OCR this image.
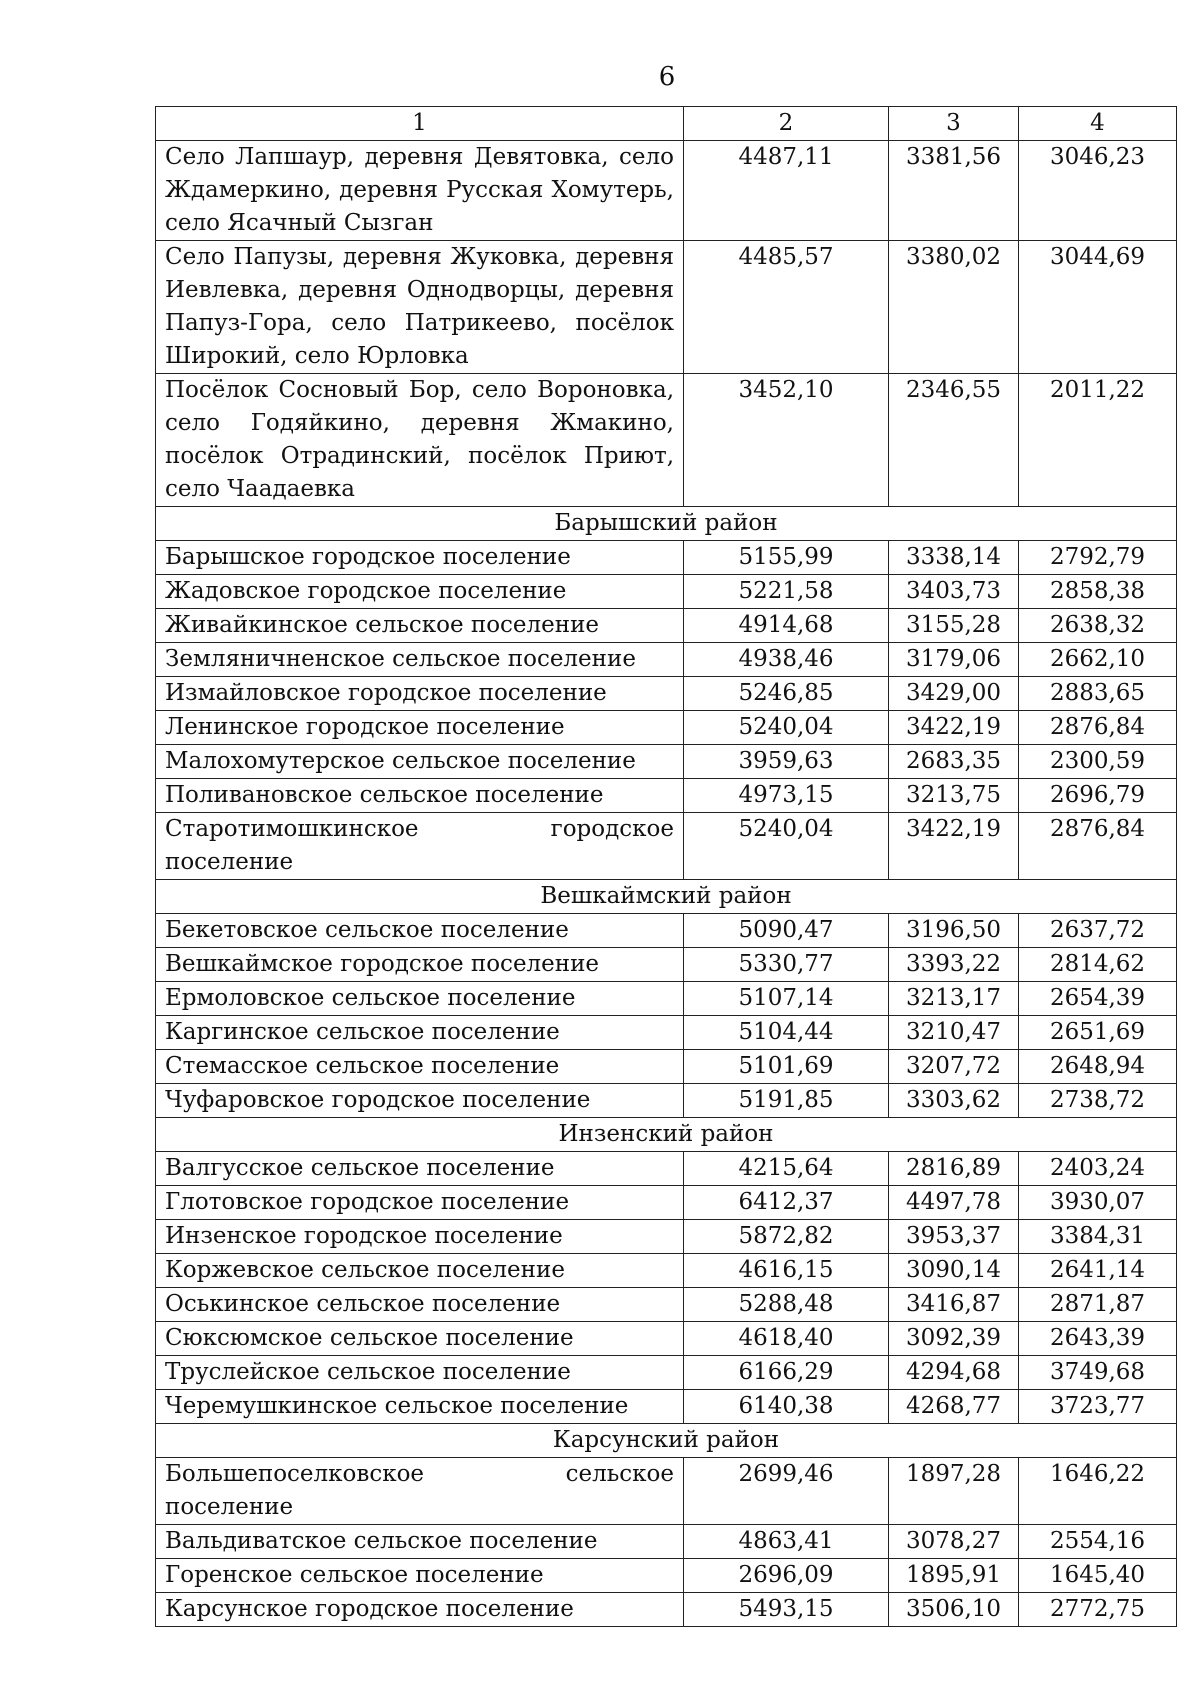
6
1	2	3	4
Село Лапшаур, деревня Девятовка, село Ждамеркино, деревня Русская Хомутерь, село Ясачный Сызган	4487,11	3381,56	3046,23
Село Папузы, деревня Жуковка, деревня Иевлевка, деревня Однодворцы, деревня Папуз-Гора, село Патрикеево, посёлок Широкий, село Юрловка	4485,57	3380,02	3044,69
Посёлок Сосновый Бор, село Вороновка, село Годяйкино, деревня Жмакино, посёлок Отрадинский, посёлок Приют, село Чаадаевка	3452,10	2346,55	2011,22
Барышский район			
Барышское городское поселение	5155,99	3338,14	2792,79
Жадовское городское поселение	5221,58	3403,73	2858,38
Живайкинское сельское поселение	4914,68	3155,28	2638,32
Земляничненское сельское поселение	4938,46	3179,06	2662,10
Измайловское городское поселение	5246,85	3429,00	2883,65
Ленинское городское поселение	5240,04	3422,19	2876,84
Малохомутерское сельское поселение	3959,63	2683,35	2300,59
Поливановское сельское поселение	4973,15	3213,75	2696,79
Старотимошкинское городское поселение	5240,04	3422,19	2876,84
Вешкаймский район			
Бекетовское сельское поселение	5090,47	3196,50	2637,72
Вешкаймское городское поселение	5330,77	3393,22	2814,62
Ермоловское сельское поселение	5107,14	3213,17	2654,39
Каргинское сельское поселение	5104,44	3210,47	2651,69
Стемасское сельское поселение	5101,69	3207,72	2648,94
Чуфаровское городское поселение	5191,85	3303,62	2738,72
Инзенский район			
Валгусское сельское поселение	4215,64	2816,89	2403,24
Глотовское городское поселение	6412,37	4497,78	3930,07
Инзенское городское поселение	5872,82	3953,37	3384,31
Коржевское сельское поселение	4616,15	3090,14	2641,14
Оськинское сельское поселение	5288,48	3416,87	2871,87
Сюксюмское сельское поселение	4618,40	3092,39	2643,39
Труслейское сельское поселение	6166,29	4294,68	3749,68
Черемушкинское сельское поселение	6140,38	4268,77	3723,77
Карсунский район			
Большепоселковское сельское поселение	2699,46	1897,28	1646,22
Вальдиватское сельское поселение	4863,41	3078,27	2554,16
Горенское сельское поселение	2696,09	1895,91	1645,40
Карсунское городское поселение	5493,15	3506,10	2772,75
